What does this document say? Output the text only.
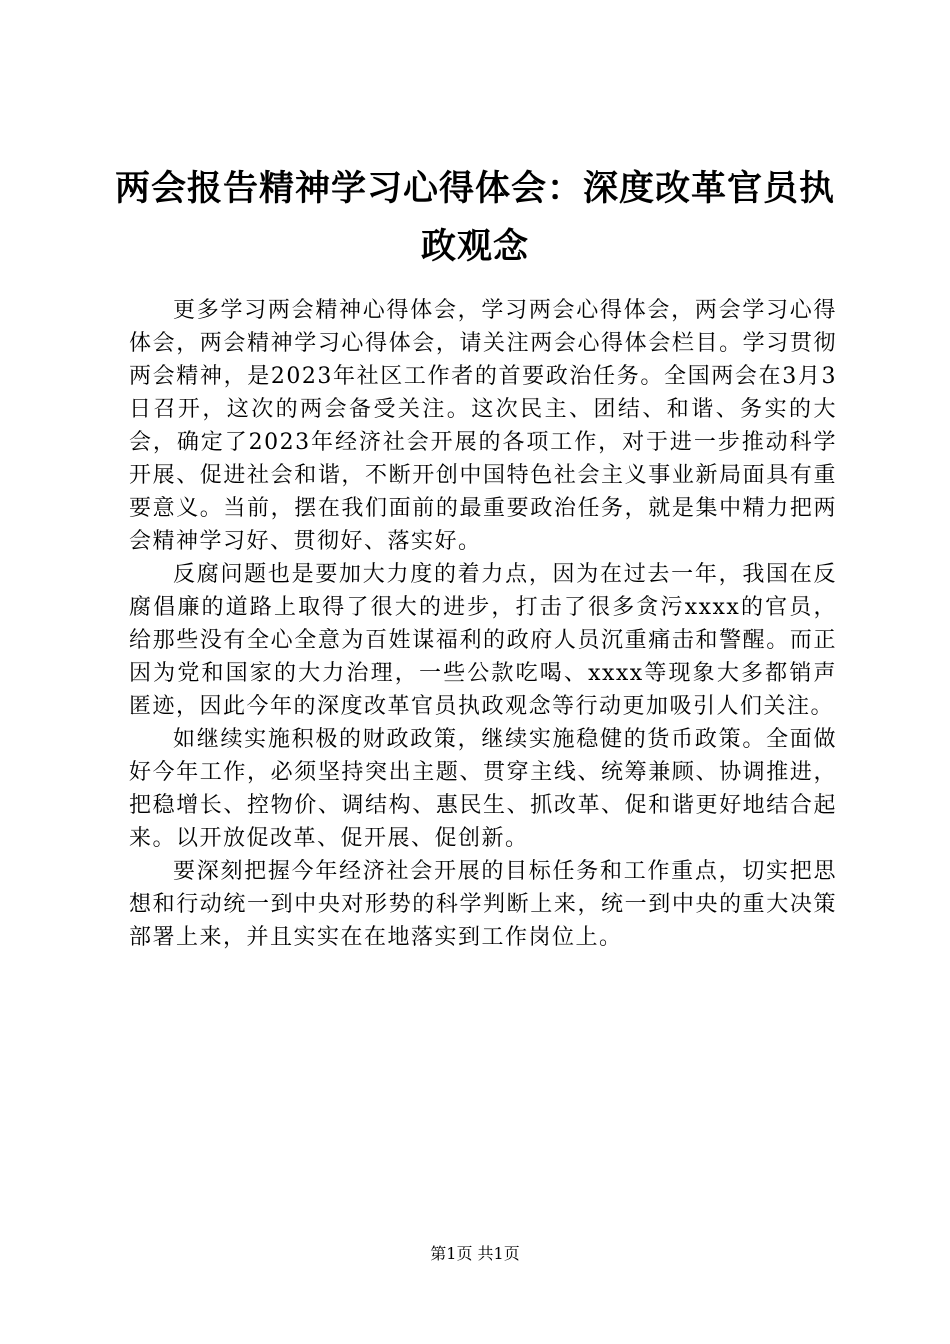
两会报告精神学习心得体会：深度改革官员执政观念

更多学习两会精神心得体会，学习两会心得体会，两会学习心得体会，两会精神学习心得体会，请关注两会心得体会栏目。学习贯彻两会精神，是2023年社区工作者的首要政治任务。全国两会在3月3日召开，这次的两会备受关注。这次民主、团结、和谐、务实的大会，确定了2023年经济社会开展的各项工作，对于进一步推动科学开展、促进社会和谐，不断开创中国特色社会主义事业新局面具有重要意义。当前，摆在我们面前的最重要政治任务，就是集中精力把两会精神学习好、贯彻好、落实好。

反腐问题也是要加大力度的着力点，因为在过去一年，我国在反腐倡廉的道路上取得了很大的进步，打击了很多贪污xxxx的官员，给那些没有全心全意为百姓谋福利的政府人员沉重痛击和警醒。而正因为党和国家的大力治理，一些公款吃喝、xxxx等现象大多都销声匿迹，因此今年的深度改革官员执政观念等行动更加吸引人们关注。

如继续实施积极的财政政策，继续实施稳健的货币政策。全面做好今年工作，必须坚持突出主题、贯穿主线、统筹兼顾、协调推进，把稳增长、控物价、调结构、惠民生、抓改革、促和谐更好地结合起来。以开放促改革、促开展、促创新。

要深刻把握今年经济社会开展的目标任务和工作重点，切实把思想和行动统一到中央对形势的科学判断上来，统一到中央的重大决策部署上来，并且实实在在地落实到工作岗位上。

第1页 共1页
